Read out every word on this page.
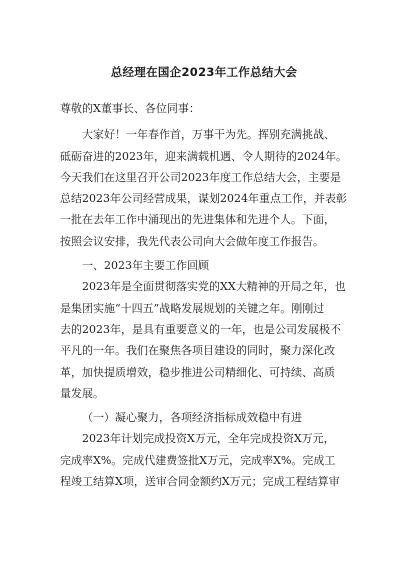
总经理在国企2023年工作总结大会
尊敬的X董事长、各位同事：
大家好！一年春作首，万事干为先。挥别充满挑战、
砥砺奋进的2023年，迎来满载机遇、令人期待的2024年。
今天我们在这里召开公司2023年度工作总结大会，主要是
总结2023年公司经营成果，谋划2024年重点工作，并表彰
一批在去年工作中涌现出的先进集体和先进个人。下面，
按照会议安排，我先代表公司向大会做年度工作报告。
一、2023年主要工作回顾
2023年是全面贯彻落实党的XX大精神的开局之年，也
是集团实施“十四五”战略发展规划的关键之年。刚刚过
去的2023年，是具有重要意义的一年，也是公司发展极不
平凡的一年。我们在聚焦各项目建设的同时，聚力深化改
革，加快提质增效，稳步推进公司精细化、可持续、高质
量发展。
（一）凝心聚力，各项经济指标成效稳中有进
2023年计划完成投资X万元，全年完成投资X万元，
完成率X%。完成代建费签批X万元，完成率X%。完成工
程竣工结算X项，送审合同金额约X万元；完成工程结算审
